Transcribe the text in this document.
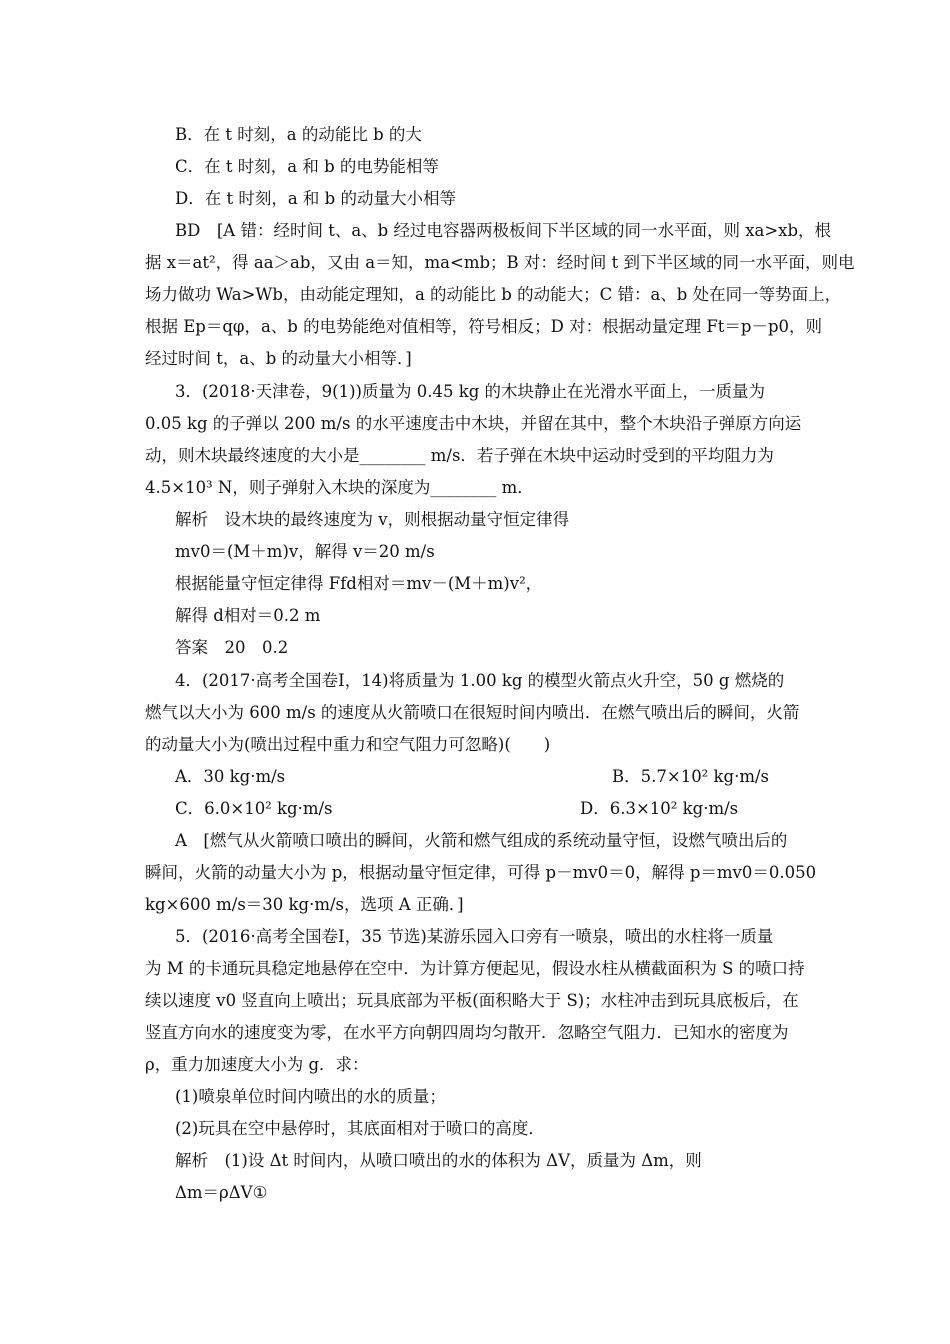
B．在 t 时刻，a 的动能比 b 的大
C．在 t 时刻，a 和 b 的电势能相等
D．在 t 时刻，a 和 b 的动量大小相等
BD　[A 错：经时间 t、a、b 经过电容器两极板间下半区域的同一水平面，则 xa>xb，根
据 x＝at²，得 aa＞ab，又由 a＝知，ma<mb；B 对：经时间 t 到下半区域的同一水平面，则电
场力做功 Wa>Wb，由动能定理知，a 的动能比 b 的动能大；C 错：a、b 处在同一等势面上，
根据 Ep＝qφ，a、b 的电势能绝对值相等，符号相反；D 对：根据动量定理 Ft＝p－p0，则
经过时间 t，a、b 的动量大小相等．]
3．(2018·天津卷，9(1))质量为 0.45 kg 的木块静止在光滑水平面上，一质量为
0.05 kg 的子弹以 200 m/s 的水平速度击中木块，并留在其中，整个木块沿子弹原方向运
动，则木块最终速度的大小是________ m/s．若子弹在木块中运动时受到的平均阻力为
4.5×10³ N，则子弹射入木块的深度为________ m．
解析　设木块的最终速度为 v，则根据动量守恒定律得
mv0＝(M＋m)v，解得 v＝20 m/s
根据能量守恒定律得 Ffd相对＝mv－(M＋m)v²，
解得 d相对＝0.2 m
答案　20　0.2
4．(2017·高考全国卷Ⅰ，14)将质量为 1.00 kg 的模型火箭点火升空，50 g 燃烧的
燃气以大小为 600 m/s 的速度从火箭喷口在很短时间内喷出．在燃气喷出后的瞬间，火箭
的动量大小为(喷出过程中重力和空气阻力可忽略)(　　)
A．30 kg·m/s	B．5.7×10² kg·m/s
C．6.0×10² kg·m/s	D．6.3×10² kg·m/s
A　[燃气从火箭喷口喷出的瞬间，火箭和燃气组成的系统动量守恒，设燃气喷出后的
瞬间，火箭的动量大小为 p，根据动量守恒定律，可得 p－mv0＝0，解得 p＝mv0＝0.050
kg×600 m/s＝30 kg·m/s，选项 A 正确．]
5．(2016·高考全国卷Ⅰ，35 节选)某游乐园入口旁有一喷泉，喷出的水柱将一质量
为 M 的卡通玩具稳定地悬停在空中．为计算方便起见，假设水柱从横截面积为 S 的喷口持
续以速度 v0 竖直向上喷出；玩具底部为平板(面积略大于 S)；水柱冲击到玩具底板后，在
竖直方向水的速度变为零，在水平方向朝四周均匀散开．忽略空气阻力．已知水的密度为
ρ，重力加速度大小为 g．求：
(1)喷泉单位时间内喷出的水的质量；
(2)玩具在空中悬停时，其底面相对于喷口的高度．
解析　(1)设 Δt 时间内，从喷口喷出的水的体积为 ΔV，质量为 Δm，则
Δm＝ρΔV①
